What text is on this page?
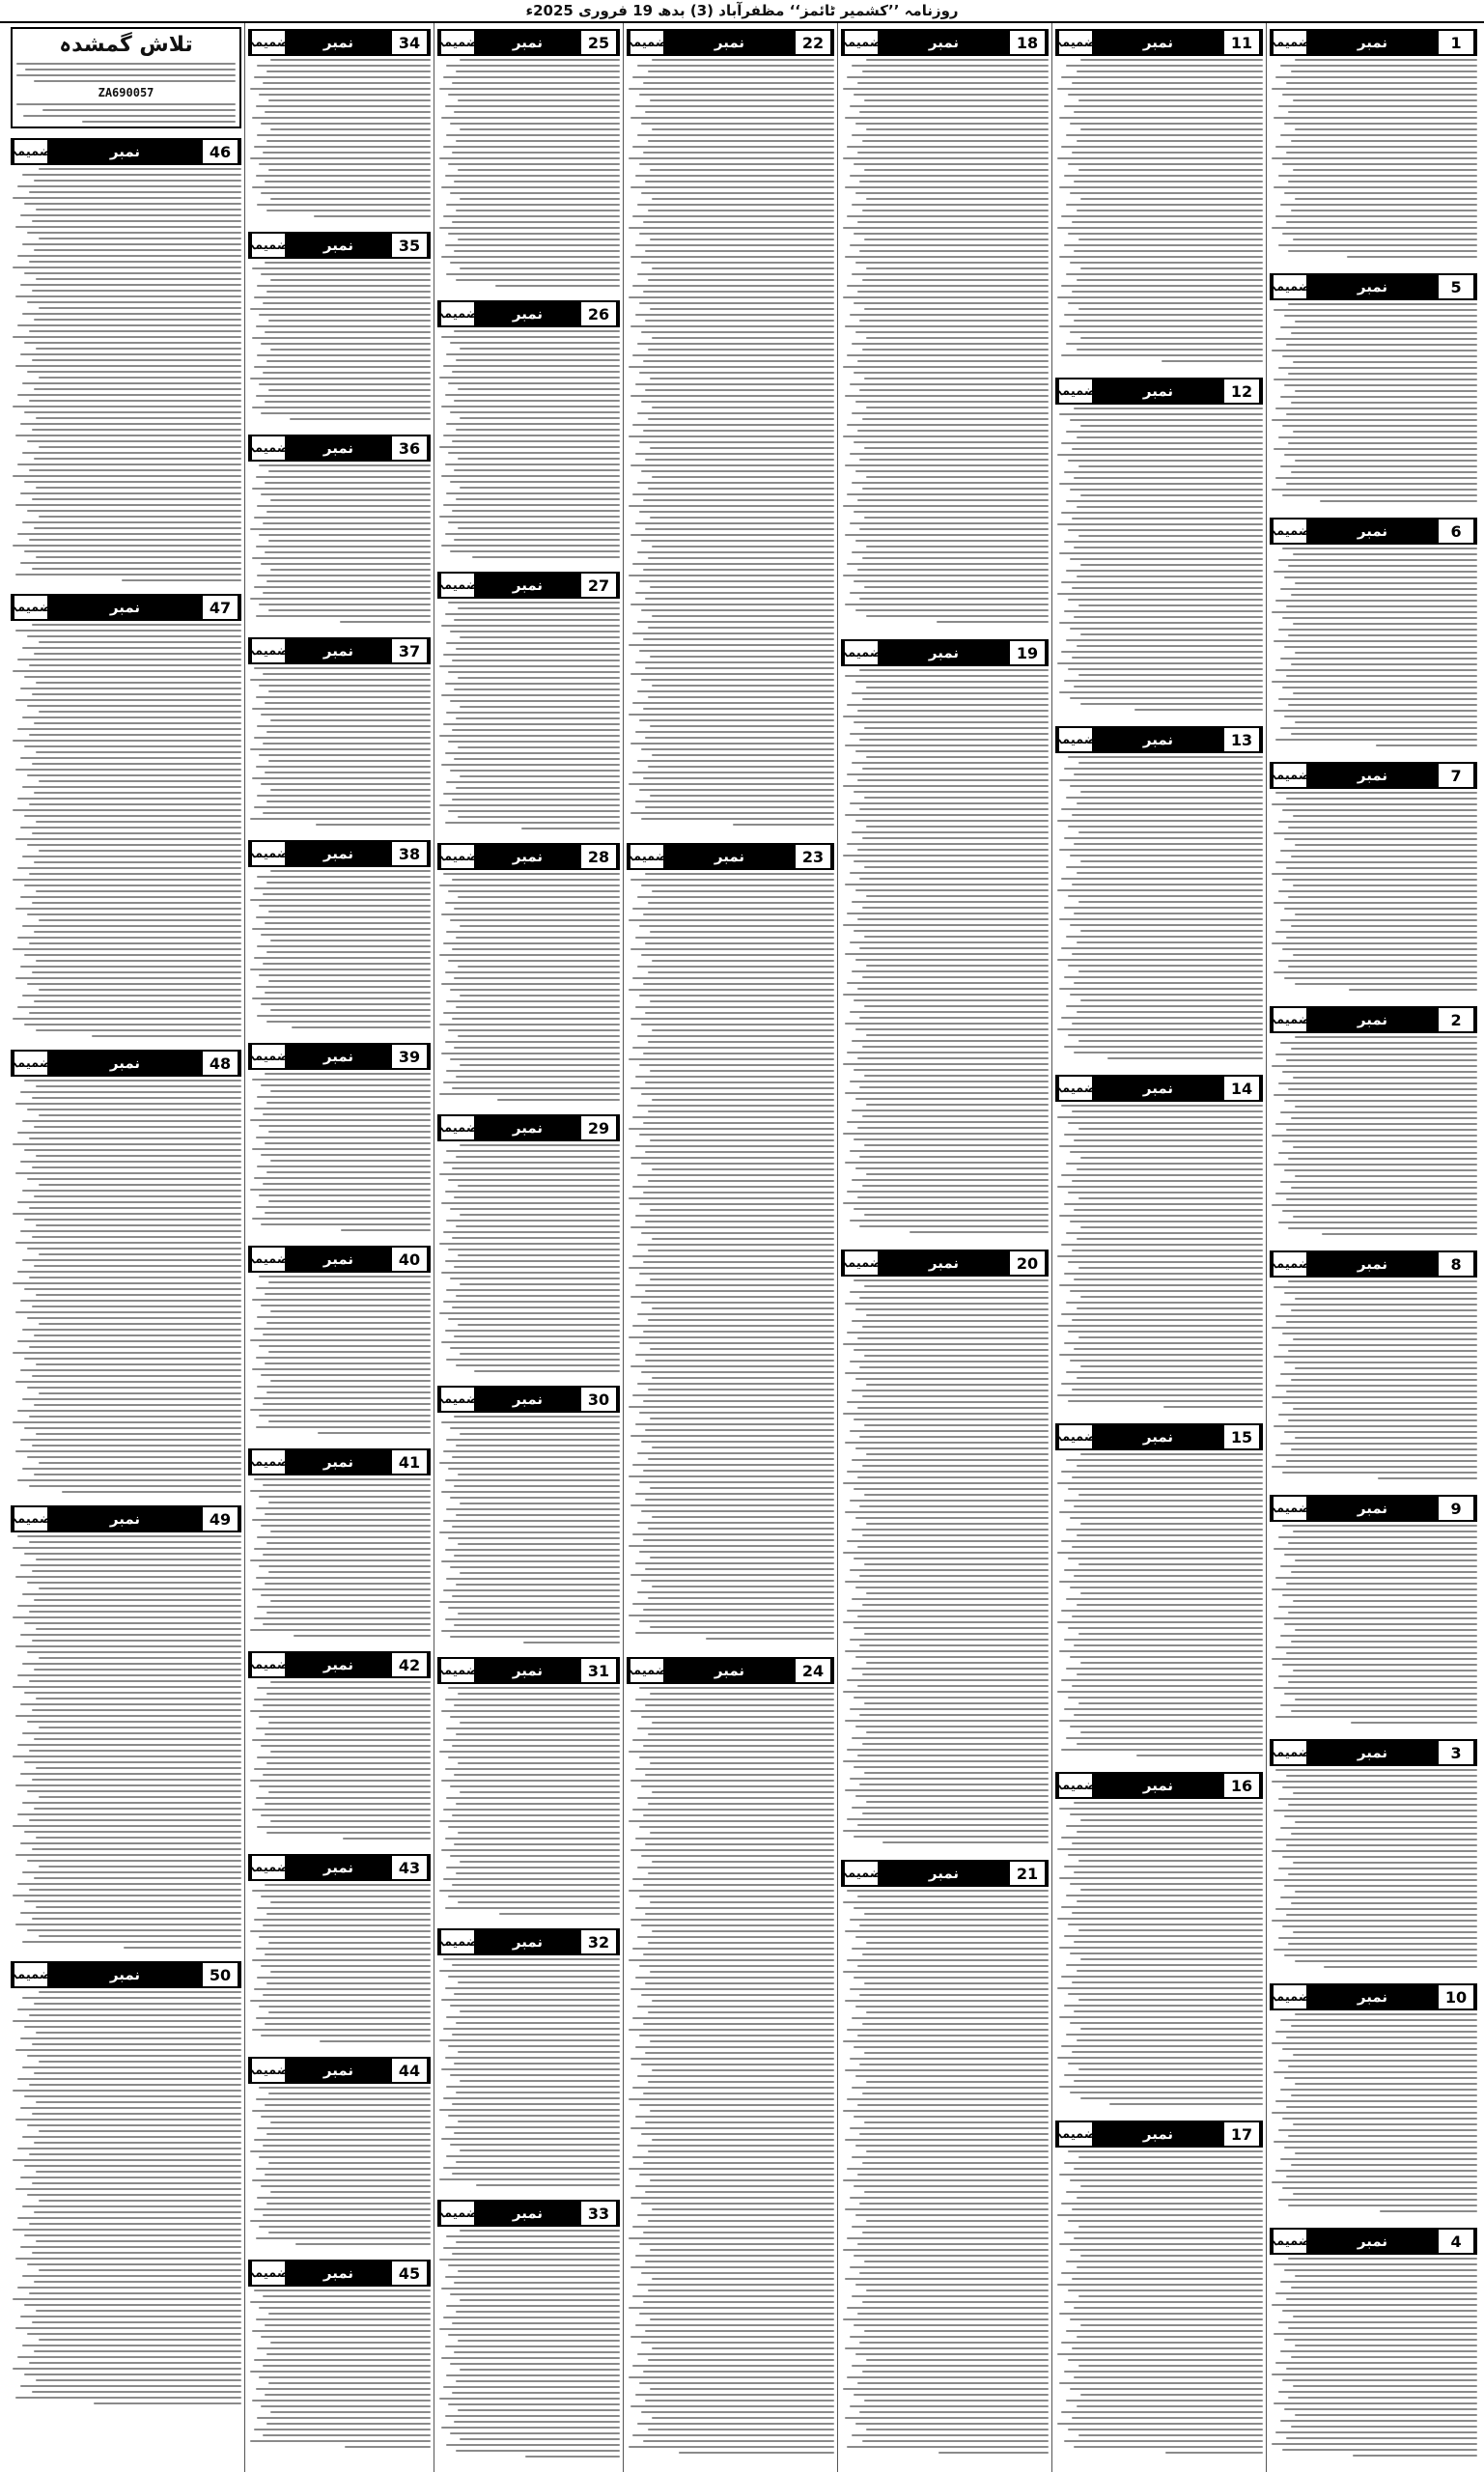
روزنامہ ’’کشمیر ٹائمز‘‘ مظفرآباد (3) بدھ 19 فروری 2025ء
1
نمبر
ضمیمہ
5
نمبر
ضمیمہ
6
نمبر
ضمیمہ
7
نمبر
ضمیمہ
2
نمبر
ضمیمہ
8
نمبر
ضمیمہ
9
نمبر
ضمیمہ
3
نمبر
ضمیمہ
10
نمبر
ضمیمہ
4
نمبر
ضمیمہ
11
نمبر
ضمیمہ
12
نمبر
ضمیمہ
13
نمبر
ضمیمہ
14
نمبر
ضمیمہ
15
نمبر
ضمیمہ
16
نمبر
ضمیمہ
17
نمبر
ضمیمہ
18
نمبر
ضمیمہ
19
نمبر
ضمیمہ
20
نمبر
ضمیمہ
21
نمبر
ضمیمہ
22
نمبر
ضمیمہ
23
نمبر
ضمیمہ
24
نمبر
ضمیمہ
25
نمبر
ضمیمہ
26
نمبر
ضمیمہ
27
نمبر
ضمیمہ
28
نمبر
ضمیمہ
29
نمبر
ضمیمہ
30
نمبر
ضمیمہ
31
نمبر
ضمیمہ
32
نمبر
ضمیمہ
33
نمبر
ضمیمہ
34
نمبر
ضمیمہ
35
نمبر
ضمیمہ
36
نمبر
ضمیمہ
37
نمبر
ضمیمہ
38
نمبر
ضمیمہ
39
نمبر
ضمیمہ
40
نمبر
ضمیمہ
41
نمبر
ضمیمہ
42
نمبر
ضمیمہ
43
نمبر
ضمیمہ
44
نمبر
ضمیمہ
45
نمبر
ضمیمہ
تلاش گمشدہ
ZA690057
46
نمبر
ضمیمہ
47
نمبر
ضمیمہ
48
نمبر
ضمیمہ
49
نمبر
ضمیمہ
50
نمبر
ضمیمہ
